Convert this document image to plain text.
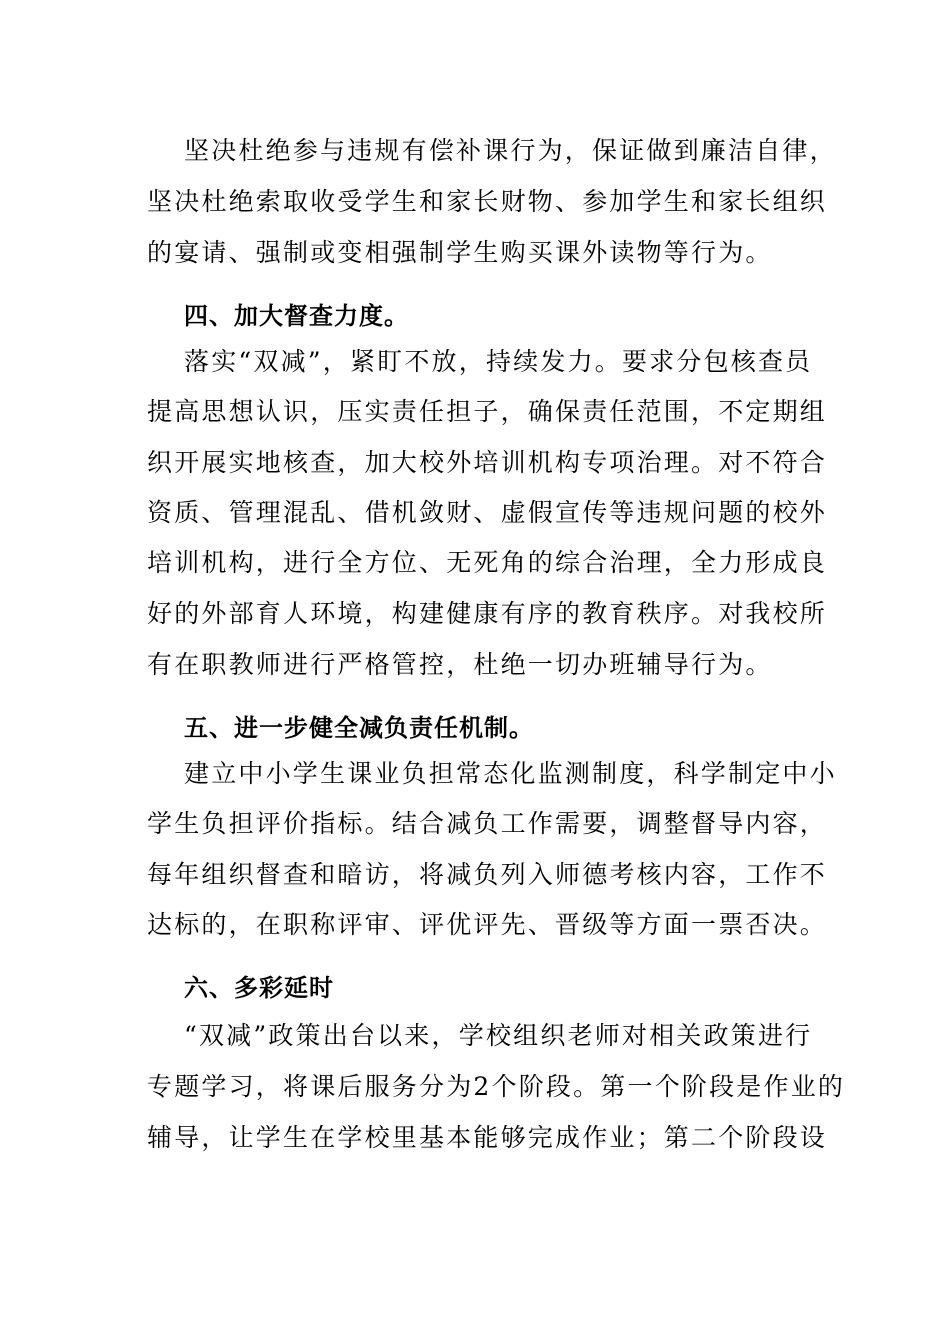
坚决杜绝参与违规有偿补课行为，保证做到廉洁自律，
坚决杜绝索取收受学生和家长财物、参加学生和家长组织
的宴请、强制或变相强制学生购买课外读物等行为。
四、加大督查力度。
落实“双减”，紧盯不放，持续发力。要求分包核查员
提高思想认识，压实责任担子，确保责任范围，不定期组
织开展实地核查，加大校外培训机构专项治理。对不符合
资质、管理混乱、借机敛财、虚假宣传等违规问题的校外
培训机构，进行全方位、无死角的综合治理，全力形成良
好的外部育人环境，构建健康有序的教育秩序。对我校所
有在职教师进行严格管控，杜绝一切办班辅导行为。
五、进一步健全减负责任机制。
建立中小学生课业负担常态化监测制度，科学制定中小
学生负担评价指标。结合减负工作需要，调整督导内容，
每年组织督查和暗访，将减负列入师德考核内容，工作不
达标的，在职称评审、评优评先、晋级等方面一票否决。
六、多彩延时
“双减”政策出台以来，学校组织老师对相关政策进行
专题学习，将课后服务分为2个阶段。第一个阶段是作业的
辅导，让学生在学校里基本能够完成作业；第二个阶段设
